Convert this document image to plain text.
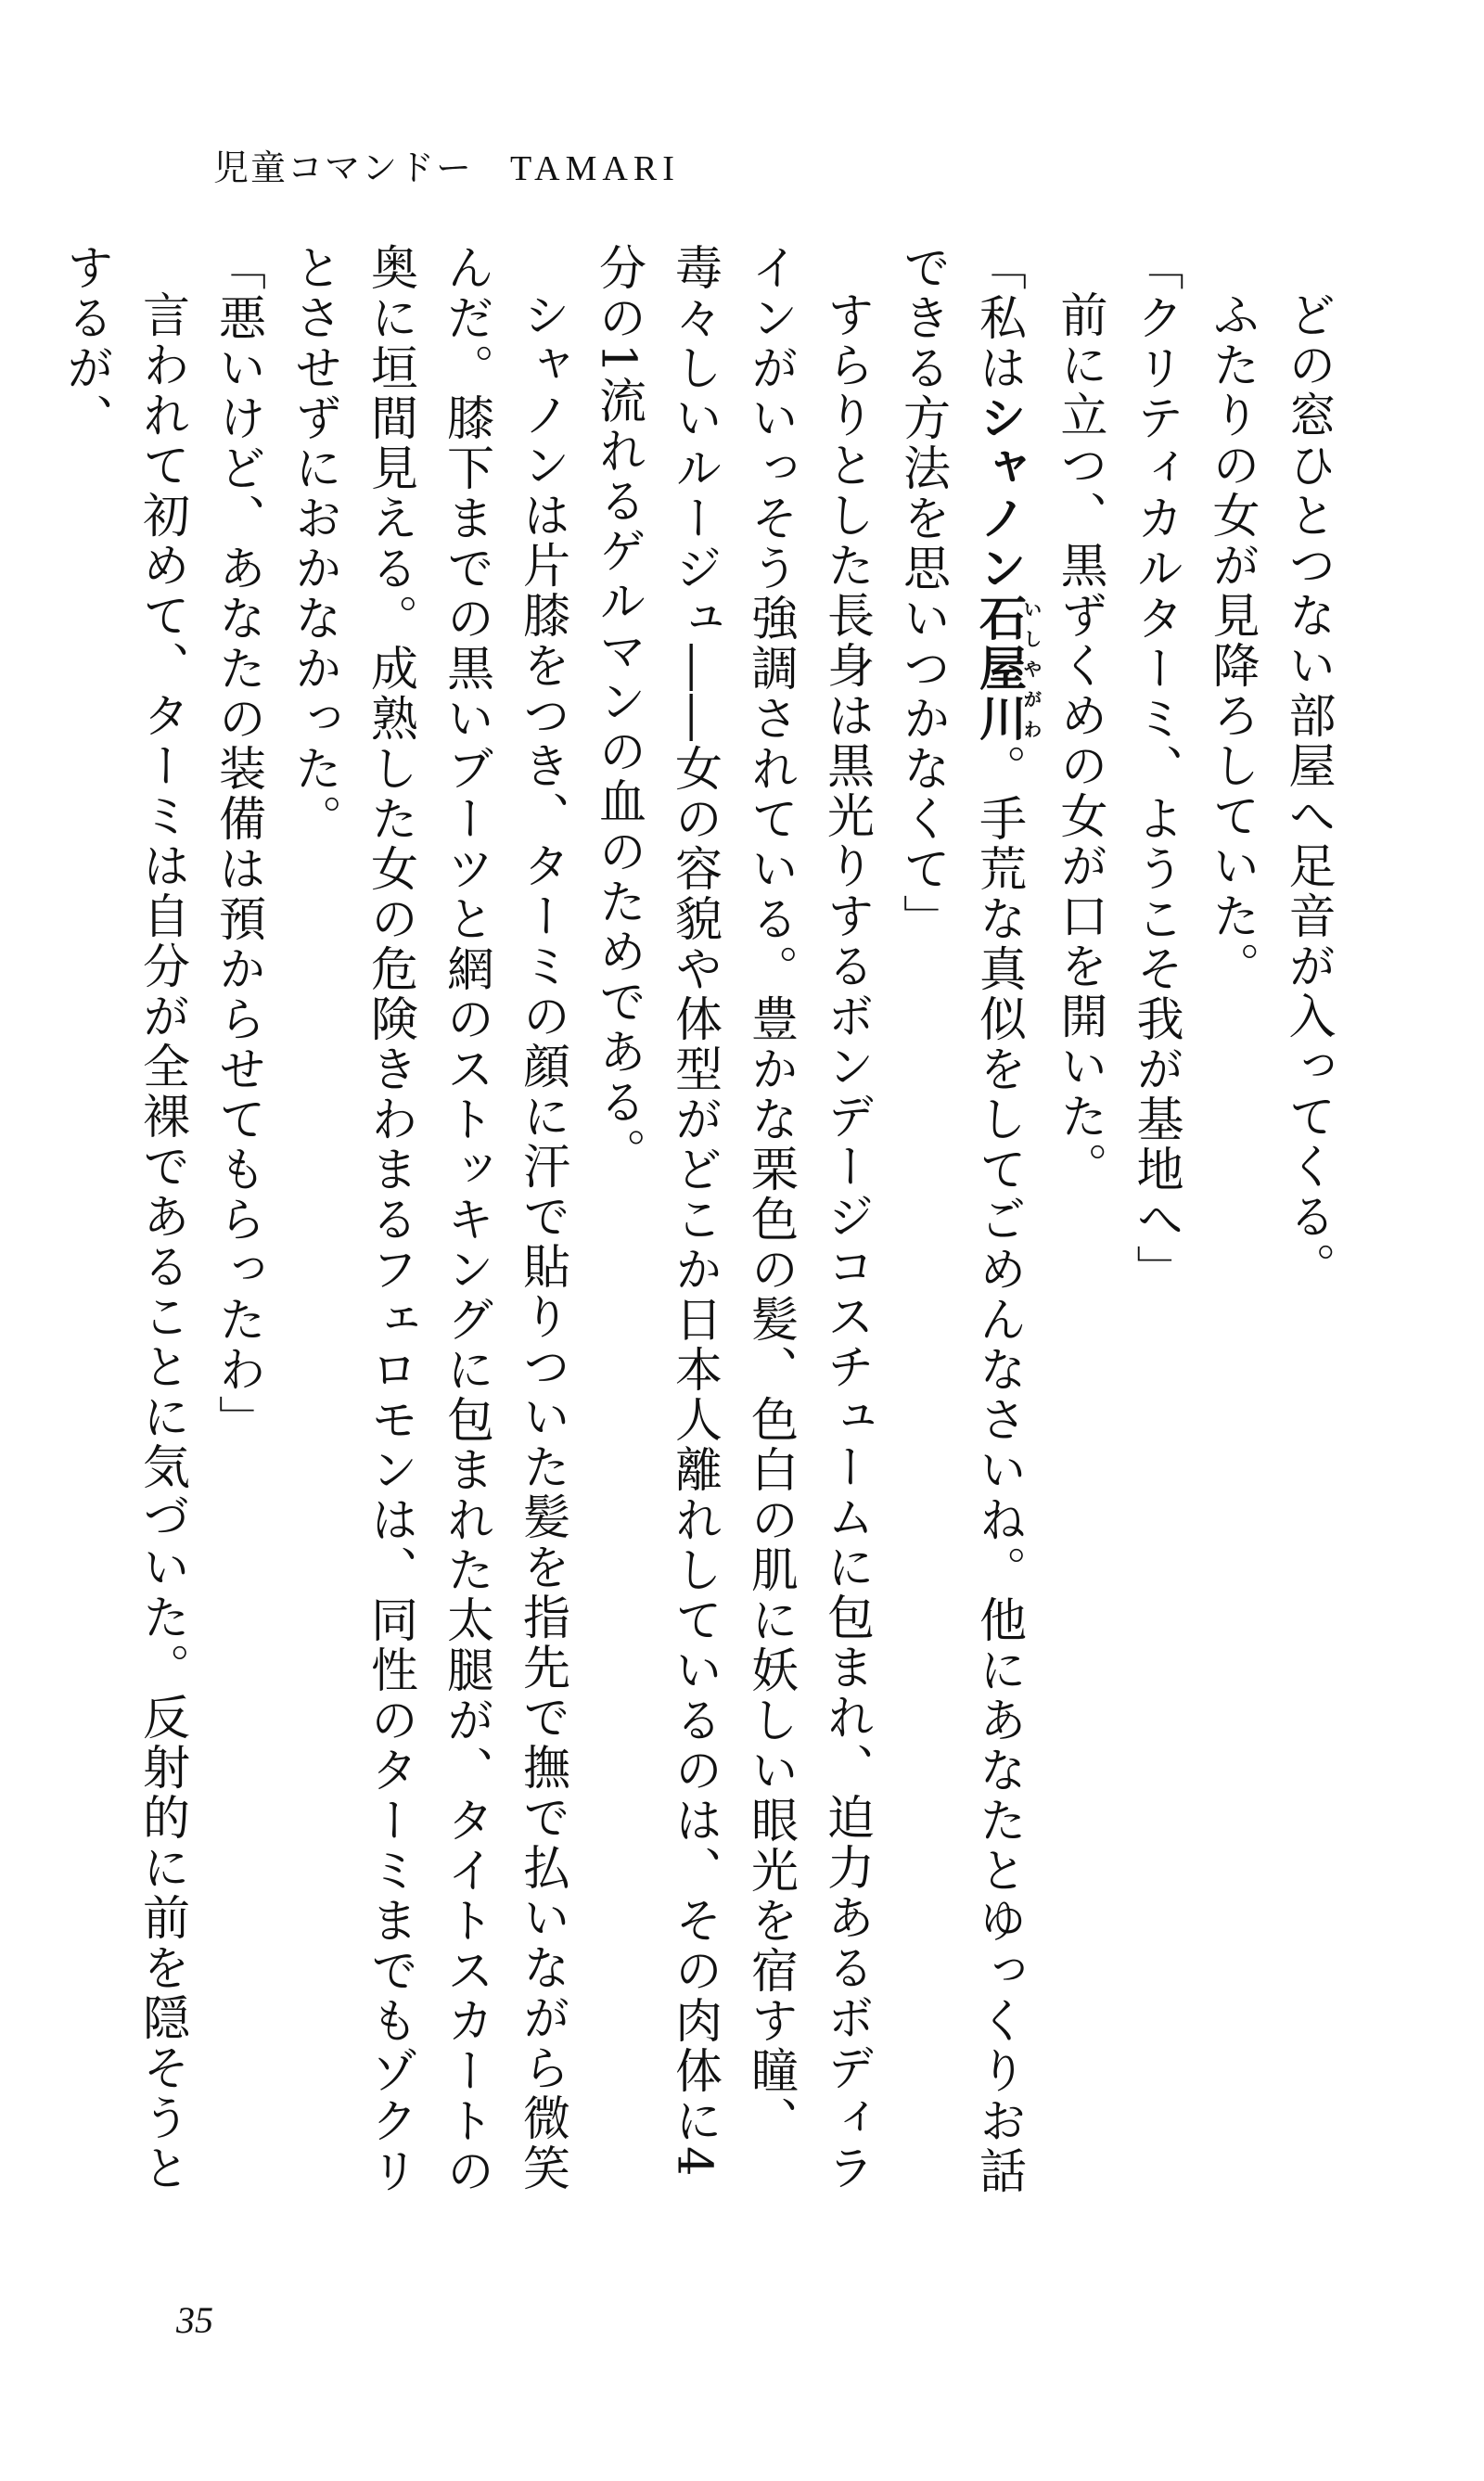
児童コマンドー TAMARI

どの窓ひとつない部屋へ足音が入ってくる。

ふたりの女が見降ろしていた。

「クリティカルターミ、ようこそ我が基地へ」

前に立つ、黒ずくめの女が口を開いた。

「私はシャノン石屋川いしやがわ。手荒な真似をしてごめんなさいね。他にあなたとゆっくりお話できる方法を思いつかなくて」

すらりとした長身は黒光りするボンデージコスチュームに包まれ、迫力あるボディラインがいっそう強調されている。豊かな栗色の髪、色白の肌に妖しい眼光を宿す瞳、毒々しいルージュ――女の容貌や体型がどこか日本人離れしているのは、その肉体に4分の1流れるゲルマンの血のためである。

シャノンは片膝をつき、ターミの顔に汗で貼りついた髪を指先で撫で払いながら微笑んだ。膝下までの黒いブーツと網のストッキングに包まれた太腿が、タイトスカートの奥に垣間見える。成熟した女の危険きわまるフェロモンは、同性のターミまでもゾクリとさせずにおかなかった。

「悪いけど、あなたの装備は預からせてもらったわ」

言われて初めて、ターミは自分が全裸であることに気づいた。反射的に前を隠そうとするが、

35
